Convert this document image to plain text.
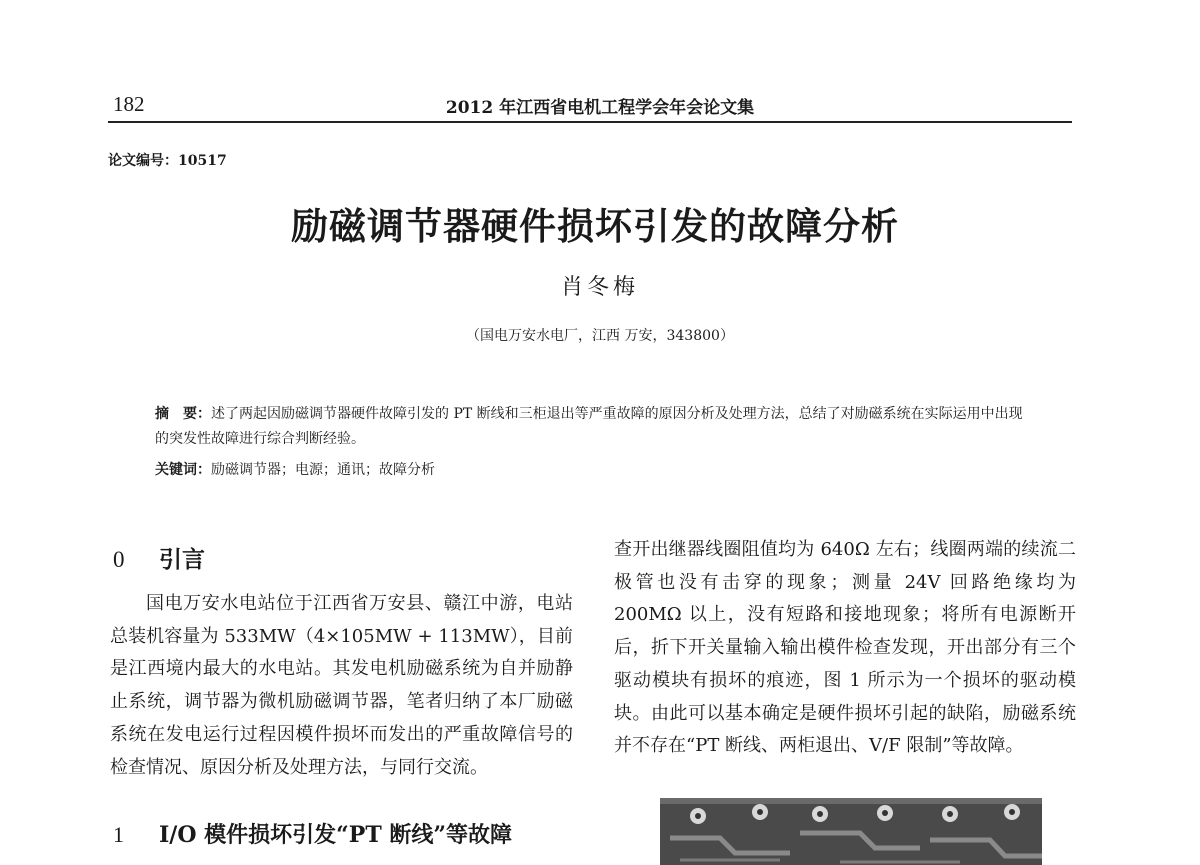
182	2012 年江西省电机工程学会年会论文集
论文编号：10517
励磁调节器硬件损坏引发的故障分析
肖冬梅
（国电万安水电厂，江西 万安，343800）
摘　要：述了两起因励磁调节器硬件故障引发的 PT 断线和三柜退出等严重故障的原因分析及处理方法，总结了对励磁系统在实际运用中出现的突发性故障进行综合判断经验。
关键词：励磁调节器；电源；通讯；故障分析
0 引言

国电万安水电站位于江西省万安县、赣江中游，电站总装机容量为 533MW（4×105MW + 113MW），目前是江西境内最大的水电站。其发电机励磁系统为自并励静止系统，调节器为微机励磁调节器，笔者归纳了本厂励磁系统在发电运行过程因模件损坏而发出的严重故障信号的检查情况、原因分析及处理方法，与同行交流。

1 I/O 模件损坏引发“PT 断线”等故障

查开出继器线圈阻值均为 640Ω 左右；线圈两端的续流二极管也没有击穿的现象；测量 24V 回路绝缘均为 200MΩ 以上，没有短路和接地现象；将所有电源断开后，折下开关量输入输出模件检查发现，开出部分有三个驱动模块有损坏的痕迹，图 1 所示为一个损坏的驱动模块。由此可以基本确定是硬件损坏引起的缺陷，励磁系统并不存在“PT 断线、两柜退出、V/F 限制”等故障。
